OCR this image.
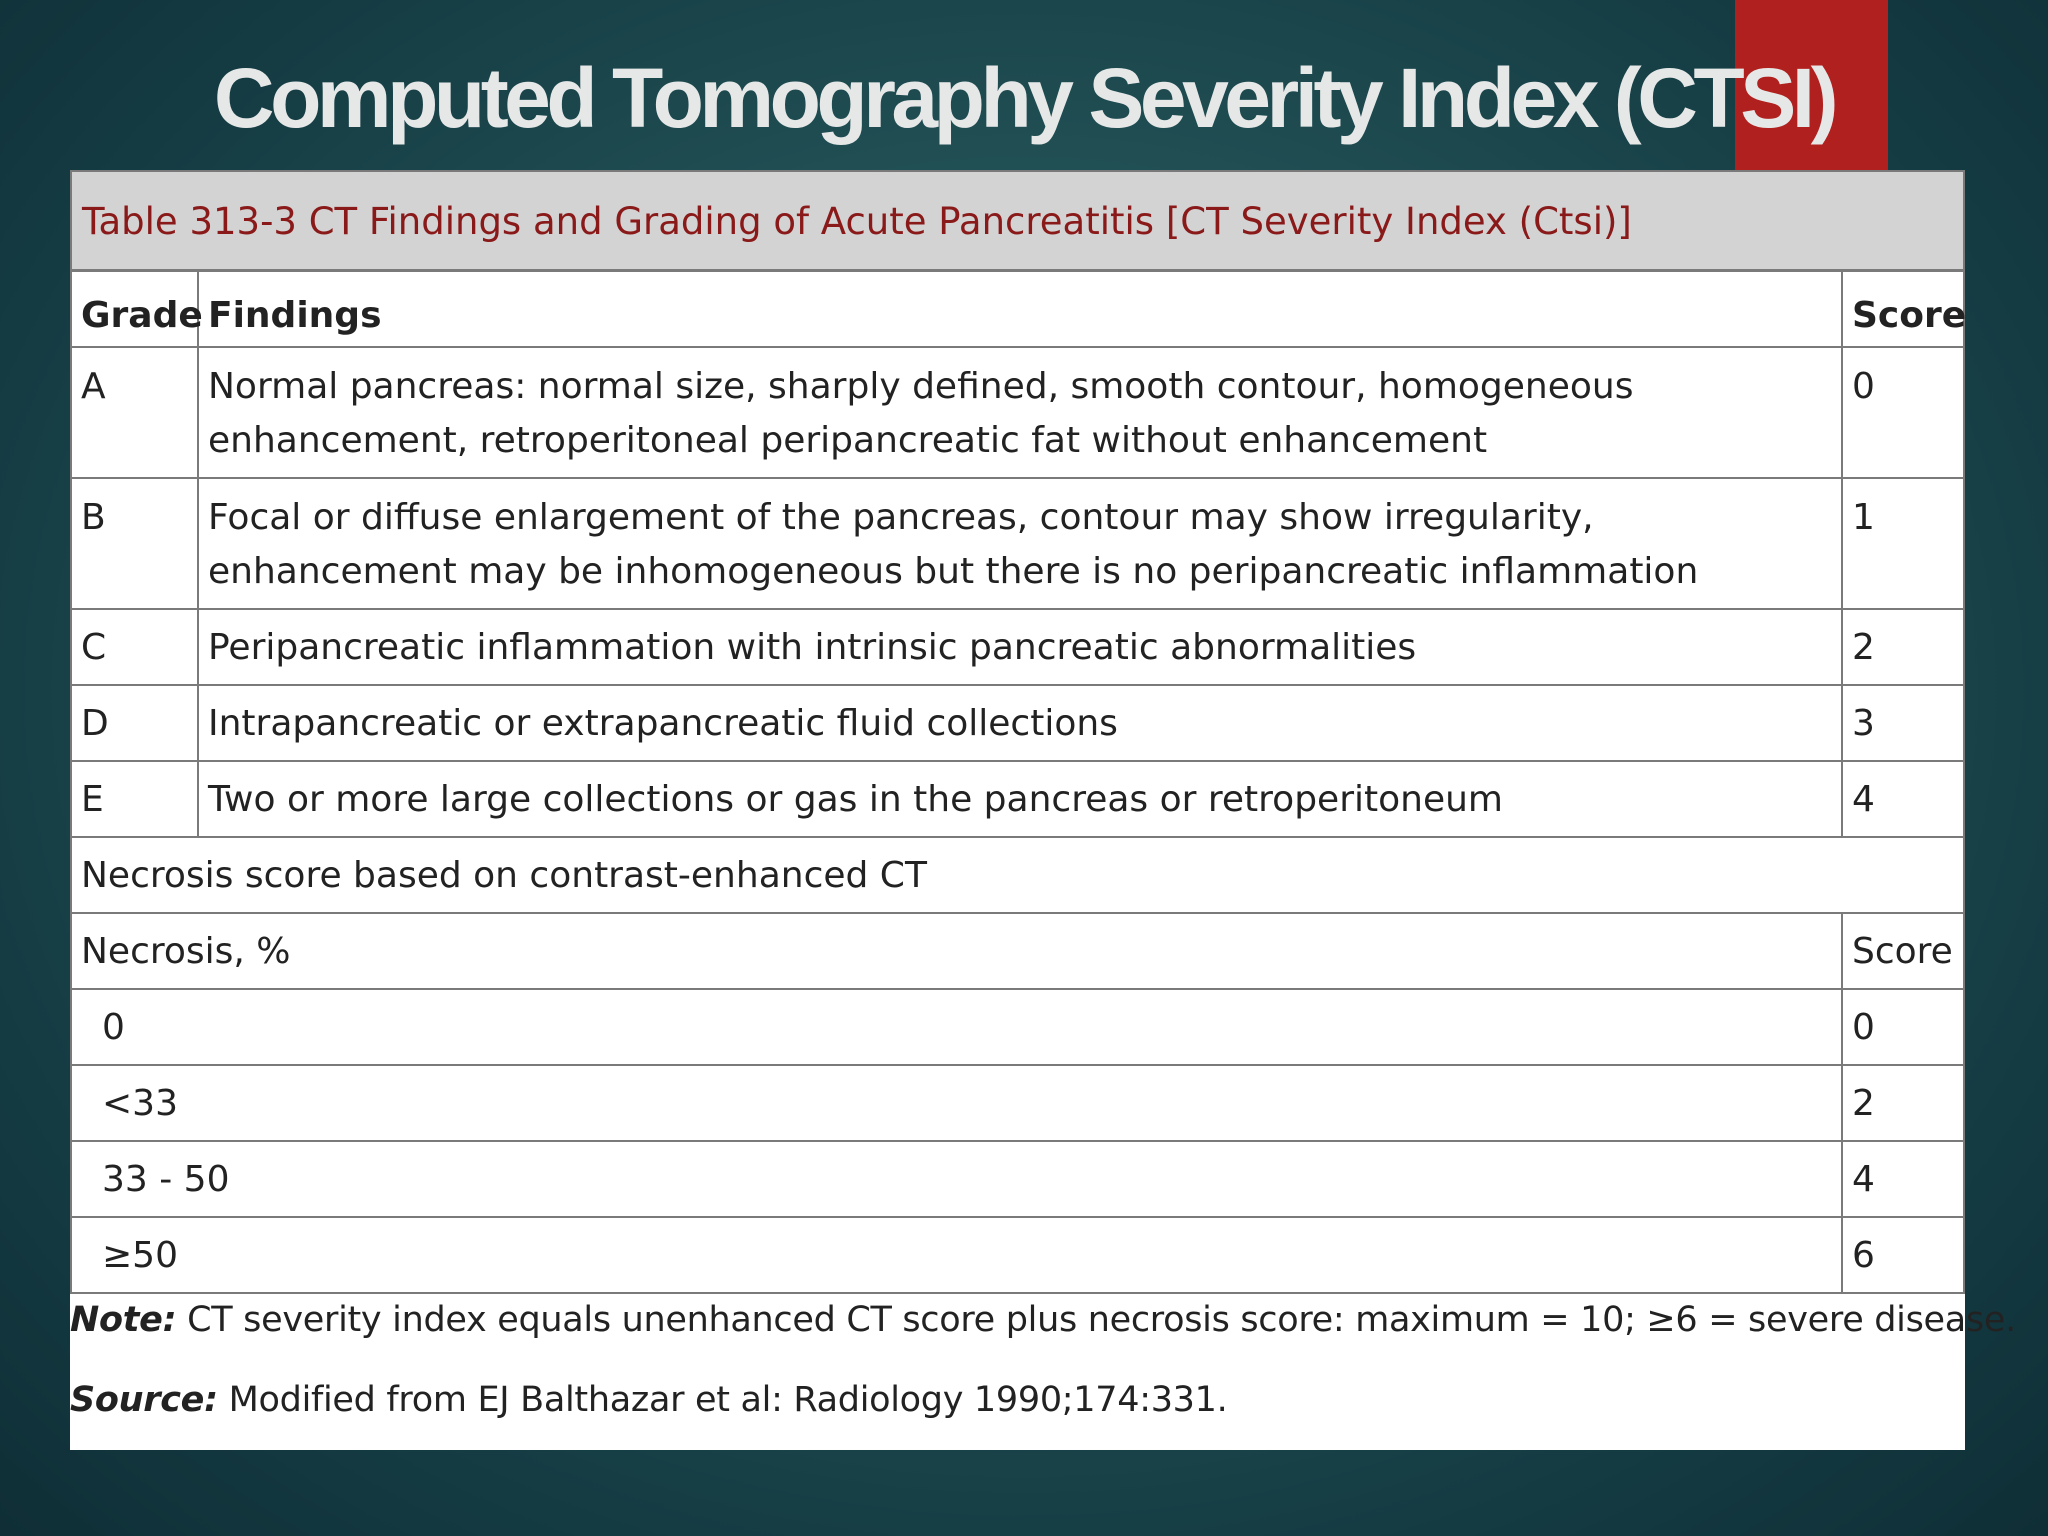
Computed Tomography Severity Index (CTSI)
Table 313-3 CT Findings and Grading of Acute Pancreatitis [CT Severity Index (Ctsi)]
Grade	Findings	Score
A	Normal pancreas: normal size, sharply defined, smooth contour, homogeneous enhancement, retroperitoneal peripancreatic fat without enhancement	0
B	Focal or diffuse enlargement of the pancreas, contour may show irregularity, enhancement may be inhomogeneous but there is no peripancreatic inflammation	1
C	Peripancreatic inflammation with intrinsic pancreatic abnormalities	2
D	Intrapancreatic or extrapancreatic fluid collections	3
E	Two or more large collections or gas in the pancreas or retroperitoneum	4
Necrosis score based on contrast-enhanced CT		
Necrosis, %		Score
0		0
<33		2
33 - 50		4
≥50		6

Note: CT severity index equals unenhanced CT score plus necrosis score: maximum = 10; ≥6 = severe disease.

Source: Modified from EJ Balthazar et al: Radiology 1990;174:331.
